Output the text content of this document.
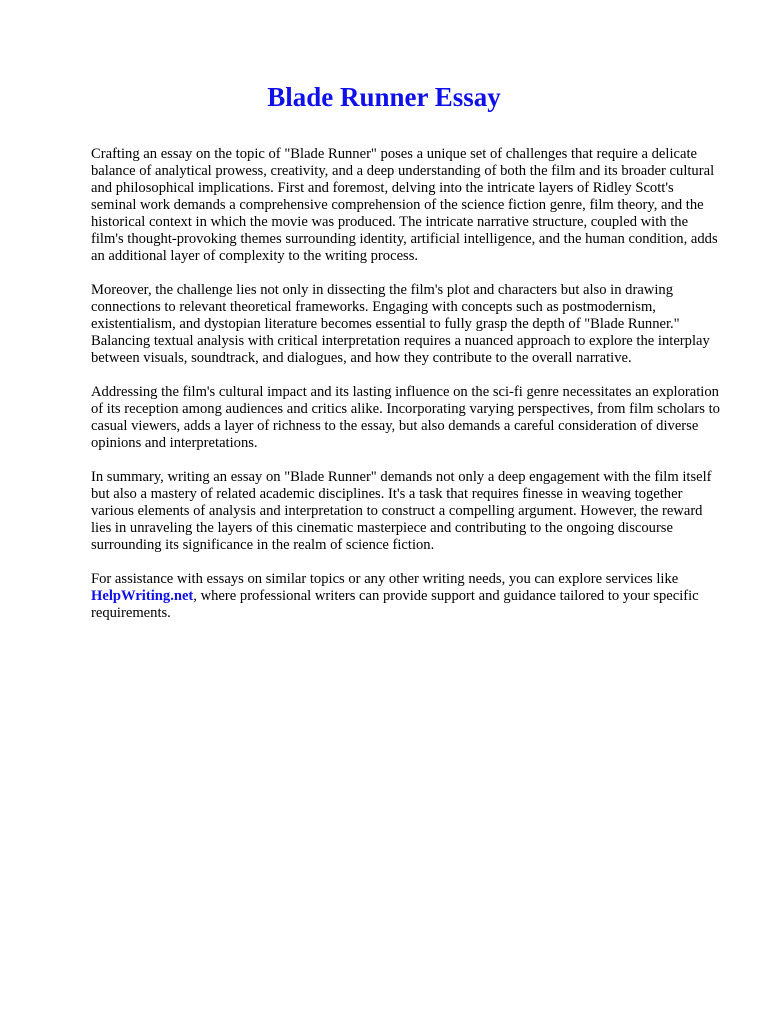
Blade Runner Essay

Crafting an essay on the topic of "Blade Runner" poses a unique set of challenges that require a delicate balance of analytical prowess, creativity, and a deep understanding of both the film and its broader cultural and philosophical implications. First and foremost, delving into the intricate layers of Ridley Scott's seminal work demands a comprehensive comprehension of the science fiction genre, film theory, and the historical context in which the movie was produced. The intricate narrative structure, coupled with the film's thought-provoking themes surrounding identity, artificial intelligence, and the human condition, adds an additional layer of complexity to the writing process.

Moreover, the challenge lies not only in dissecting the film's plot and characters but also in drawing connections to relevant theoretical frameworks. Engaging with concepts such as postmodernism, existentialism, and dystopian literature becomes essential to fully grasp the depth of "Blade Runner." Balancing textual analysis with critical interpretation requires a nuanced approach to explore the interplay between visuals, soundtrack, and dialogues, and how they contribute to the overall narrative.

Addressing the film's cultural impact and its lasting influence on the sci-fi genre necessitates an exploration of its reception among audiences and critics alike. Incorporating varying perspectives, from film scholars to casual viewers, adds a layer of richness to the essay, but also demands a careful consideration of diverse opinions and interpretations.

In summary, writing an essay on "Blade Runner" demands not only a deep engagement with the film itself but also a mastery of related academic disciplines. It's a task that requires finesse in weaving together various elements of analysis and interpretation to construct a compelling argument. However, the reward lies in unraveling the layers of this cinematic masterpiece and contributing to the ongoing discourse surrounding its significance in the realm of science fiction.

For assistance with essays on similar topics or any other writing needs, you can explore services like HelpWriting.net, where professional writers can provide support and guidance tailored to your specific requirements.
